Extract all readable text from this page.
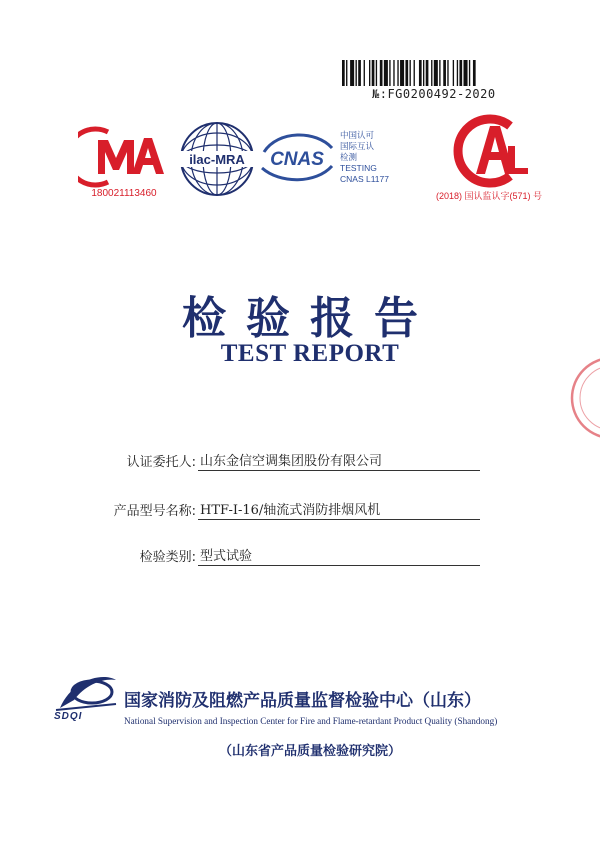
№:FG0200492-2020
180021113460
ilac-MRA CNAS
中国认可
国际互认
检测
TESTING
CNAS L1177
(2018) 国认监认字(571) 号
检验报告
TEST REPORT
认证委托人: 山东金信空调集团股份有限公司
产品型号名称: HTF-I-16/轴流式消防排烟风机
检验类别: 型式试验
SDQI
国家消防及阻燃产品质量监督检验中心（山东）
National Supervision and Inspection Center for Fire and Flame-retardant Product Quality (Shandong)
（山东省产品质量检验研究院）
